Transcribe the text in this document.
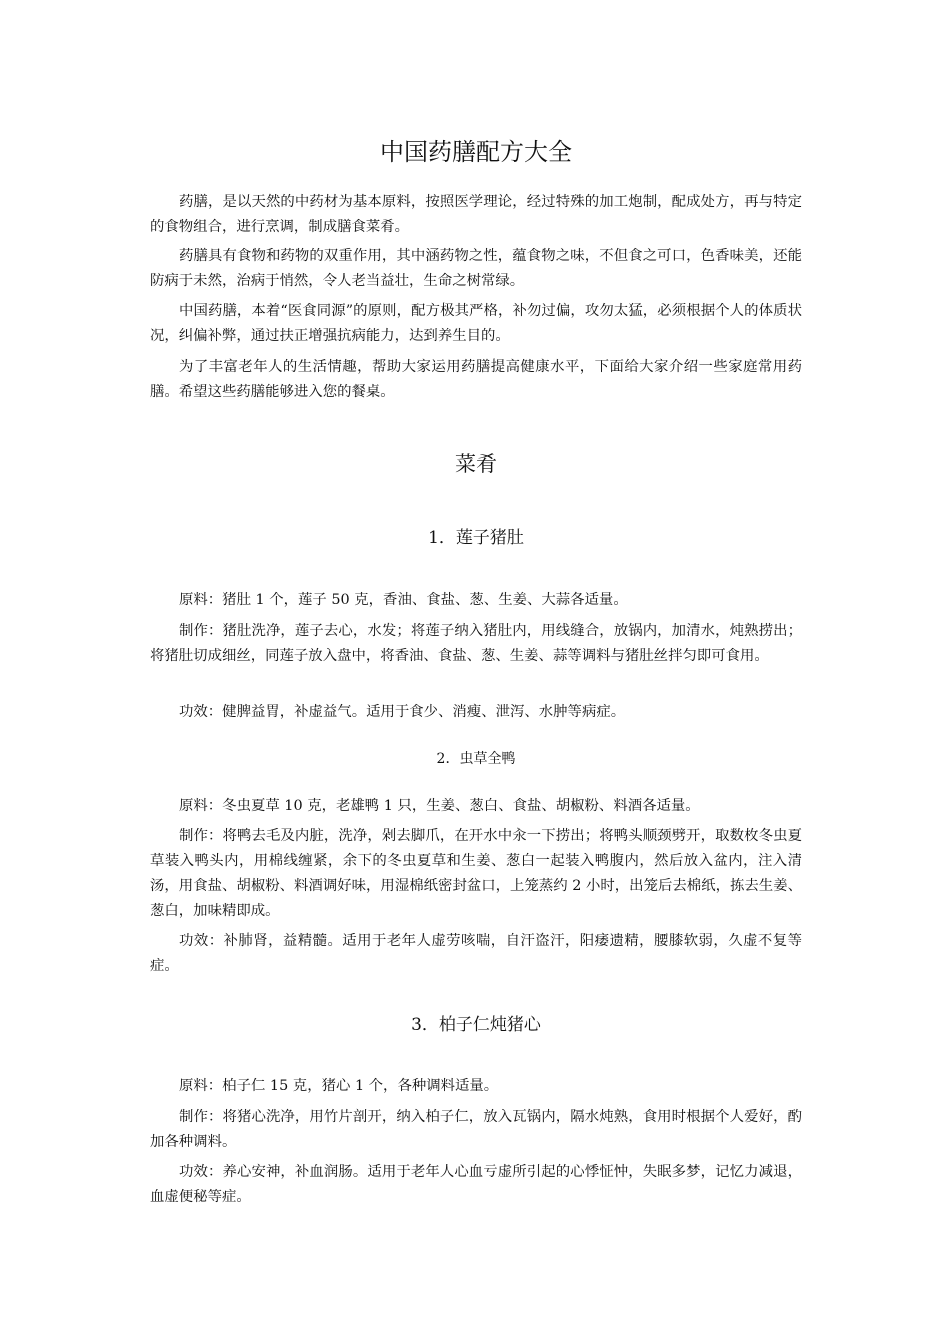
中国药膳配方大全

药膳，是以天然的中药材为基本原料，按照医学理论，经过特殊的加工炮制，配成处方，再与特定的食物组合，进行烹调，制成膳食菜肴。

药膳具有食物和药物的双重作用，其中涵药物之性，蕴食物之味，不但食之可口，色香味美，还能防病于未然，治病于悄然，令人老当益壮，生命之树常绿。

中国药膳，本着“医食同源”的原则，配方极其严格，补勿过偏，攻勿太猛，必须根据个人的体质状况，纠偏补弊，通过扶正增强抗病能力，达到养生目的。

为了丰富老年人的生活情趣，帮助大家运用药膳提高健康水平，下面给大家介绍一些家庭常用药膳。希望这些药膳能够进入您的餐桌。

菜肴
1．莲子猪肚

原料：猪肚 1 个，莲子 50 克，香油、食盐、葱、生姜、大蒜各适量。

制作：猪肚洗净，莲子去心，水发；将莲子纳入猪肚内，用线缝合，放锅内，加清水，炖熟捞出；将猪肚切成细丝，同莲子放入盘中，将香油、食盐、葱、生姜、蒜等调料与猪肚丝拌匀即可食用。

功效：健脾益胃，补虚益气。适用于食少、消瘦、泄泻、水肿等病症。

2．虫草全鸭

原料：冬虫夏草 10 克，老雄鸭 1 只，生姜、葱白、食盐、胡椒粉、料酒各适量。

制作：将鸭去毛及内脏，洗净，剁去脚爪，在开水中汆一下捞出；将鸭头顺颈劈开，取数枚冬虫夏草装入鸭头内，用棉线缠紧，余下的冬虫夏草和生姜、葱白一起装入鸭腹内，然后放入盆内，注入清汤，用食盐、胡椒粉、料酒调好味，用湿棉纸密封盆口，上笼蒸约 2 小时，出笼后去棉纸，拣去生姜、葱白，加味精即成。

功效：补肺肾，益精髓。适用于老年人虚劳咳喘，自汗盗汗，阳痿遗精，腰膝软弱，久虚不复等症。

3．柏子仁炖猪心

原料：柏子仁 15 克，猪心 1 个，各种调料适量。

制作：将猪心洗净，用竹片剖开，纳入柏子仁，放入瓦锅内，隔水炖熟，食用时根据个人爱好，酌加各种调料。

功效：养心安神，补血润肠。适用于老年人心血亏虚所引起的心悸怔忡，失眠多梦，记忆力减退，血虚便秘等症。
